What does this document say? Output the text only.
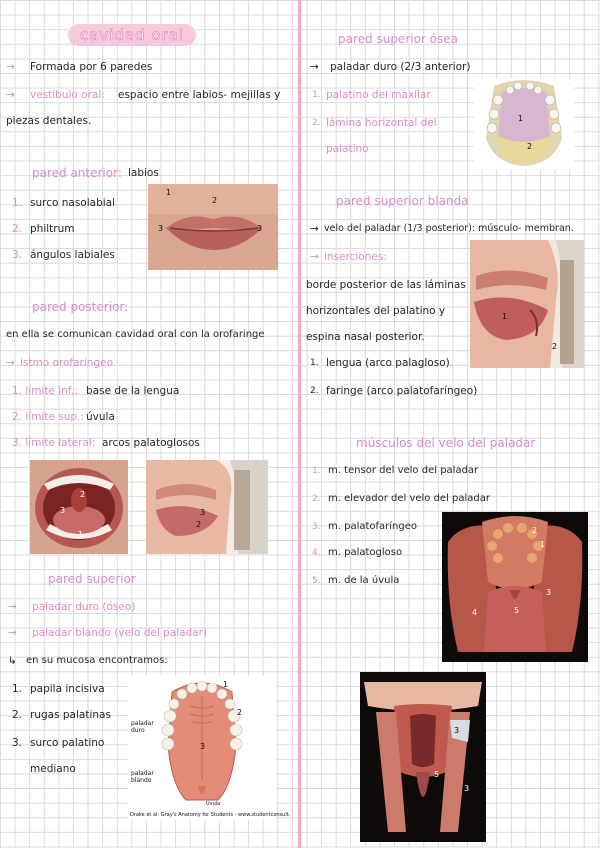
cavidad oral
→ Formada por 6 paredes
→ vestibulo oral: espacio entre labios- mejillas y
piezas dentales.
pared anterior: labios
1. surco nasolabial
2. philtrum
3. ángulos labiales
1
2
3	3
pared posterior:
en ella se comunican cavidad oral con la orofaringe
→ istmo orofaríngeo
1. límite inf.: base de la lengua
2. límite sup.: úvula
3. límite lateral: arcos palatoglosos
2
3
1
3
2
pared superior
→ paladar duro (óseo)
→ paladar blando (velo del paladar)
↳ en su mucosa encontramos:
1. papila incisiva
2. rugas palatinas
3. surco palatino
mediano
1
2
3
paladar duro
paladar blando
Úvula
Drake et al: Gray's Anatomy for Students - www.studentconsult.
pared superior ósea
→ paladar duro (2/3 anterior)
1. palatino del maxilar
2. lámina horizontal del
palatino
1
2
pared superior blanda
→ velo del paladar (1/3 posterior): músculo- membran.
→ inserciones:
borde posterior de las láminas
horizontales del palatino y
espina nasal posterior.
1. lengua (arco palagloso)
2. faringe (arco palatofaríngeo)
1
2
músculos del velo del paladar
1. m. tensor del velo del paladar
2. m. elevador del velo del paladar
3. m. palatofaríngeo
4. m. palatogloso
5. m. de la úvula
2
1
3
4	5
3
5
3
